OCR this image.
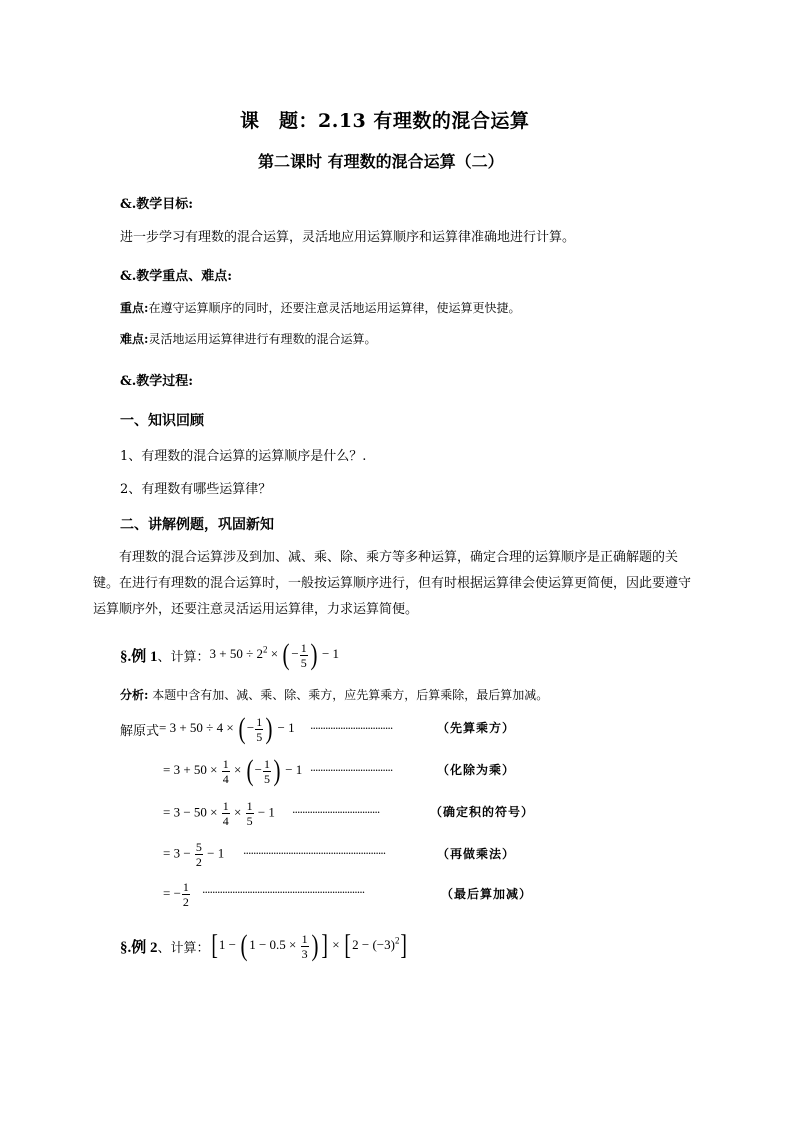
课　题：2.13 有理数的混合运算
第二课时 有理数的混合运算（二）
&.教学目标:
进一步学习有理数的混合运算，灵活地应用运算顺序和运算律准确地进行计算。
&.教学重点、难点:
重点:在遵守运算顺序的同时，还要注意灵活地运用运算律，使运算更快捷。
难点:灵活地运用运算律进行有理数的混合运算。
&.教学过程:
一、知识回顾
1、有理数的混合运算的运算顺序是什么？.
2、有理数有哪些运算律？
二、讲解例题，巩固新知
有理数的混合运算涉及到加、减、乘、除、乘方等多种运算，确定合理的运算顺序是正确解题的关键。在进行有理数的混合运算时，一般按运算顺序进行，但有时根据运算律会使运算更简便，因此要遵守运算顺序外，还要注意灵活运用运算律，力求运算简便。
§.例 1 、计算： $3 + 50 \div 2^2$ × ( − $\frac{1}{5}$ ) − 1
分析: 本题中含有加、减、乘、除、乘方，应先算乘方，后算乘除，最后算加减。
解原式 = 3 + 50 ÷ 4 × ( − $\frac{1}{5}$ ) − 1 ·································	（先算乘方）
= $3 + 50 \times \frac{1}{4}$ × ( − $\frac{1}{5}$ ) − 1 ·································	（化除为乘）
= $3 - 50 \times \frac{1}{4} \times \frac{1}{5} - 1$ ···································	（确定积的符号）
= $3 - \frac{5}{2} - 1$ ·························································	（再做乘法）
= − $\frac{1}{2}$ ·································································	（最后算加减）
§.例 2 、计算： [1 − ( $1 - 0.5 \times \frac{1}{3}$ ) ] × $[2 - (-3)^2]$
